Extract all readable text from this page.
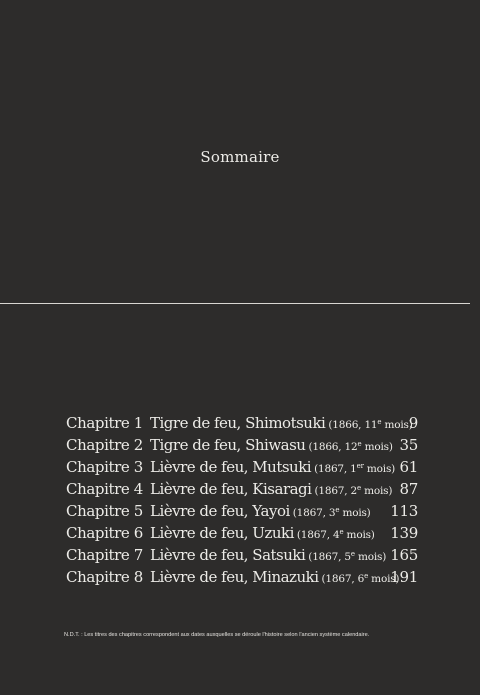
Sommaire
Chapitre 1 Tigre de feu, Shimotsuki (1866, 11e mois)
9
Chapitre 2 Tigre de feu, Shiwasu (1866, 12e mois) 35
Chapitre 3 Lièvre de feu, Mutsuki (1867, 1er mois) 61
Chapitre 4 Lièvre de feu, Kisaragi (1867, 2e mois) 87
Chapitre 5 Lièvre de feu, Yayoi (1867, 3e mois) 113
Chapitre 6 Lièvre de feu, Uzuki (1867, 4e mois) 139
Chapitre 7 Lièvre de feu, Satsuki (1867, 5e mois) 165
Chapitre 8 Lièvre de feu, Minazuki (1867, 6e mois)
191
N.D.T. : Les titres des chapitres correspondent aux dates auxquelles se déroule l'histoire selon l'ancien système calendaire.
